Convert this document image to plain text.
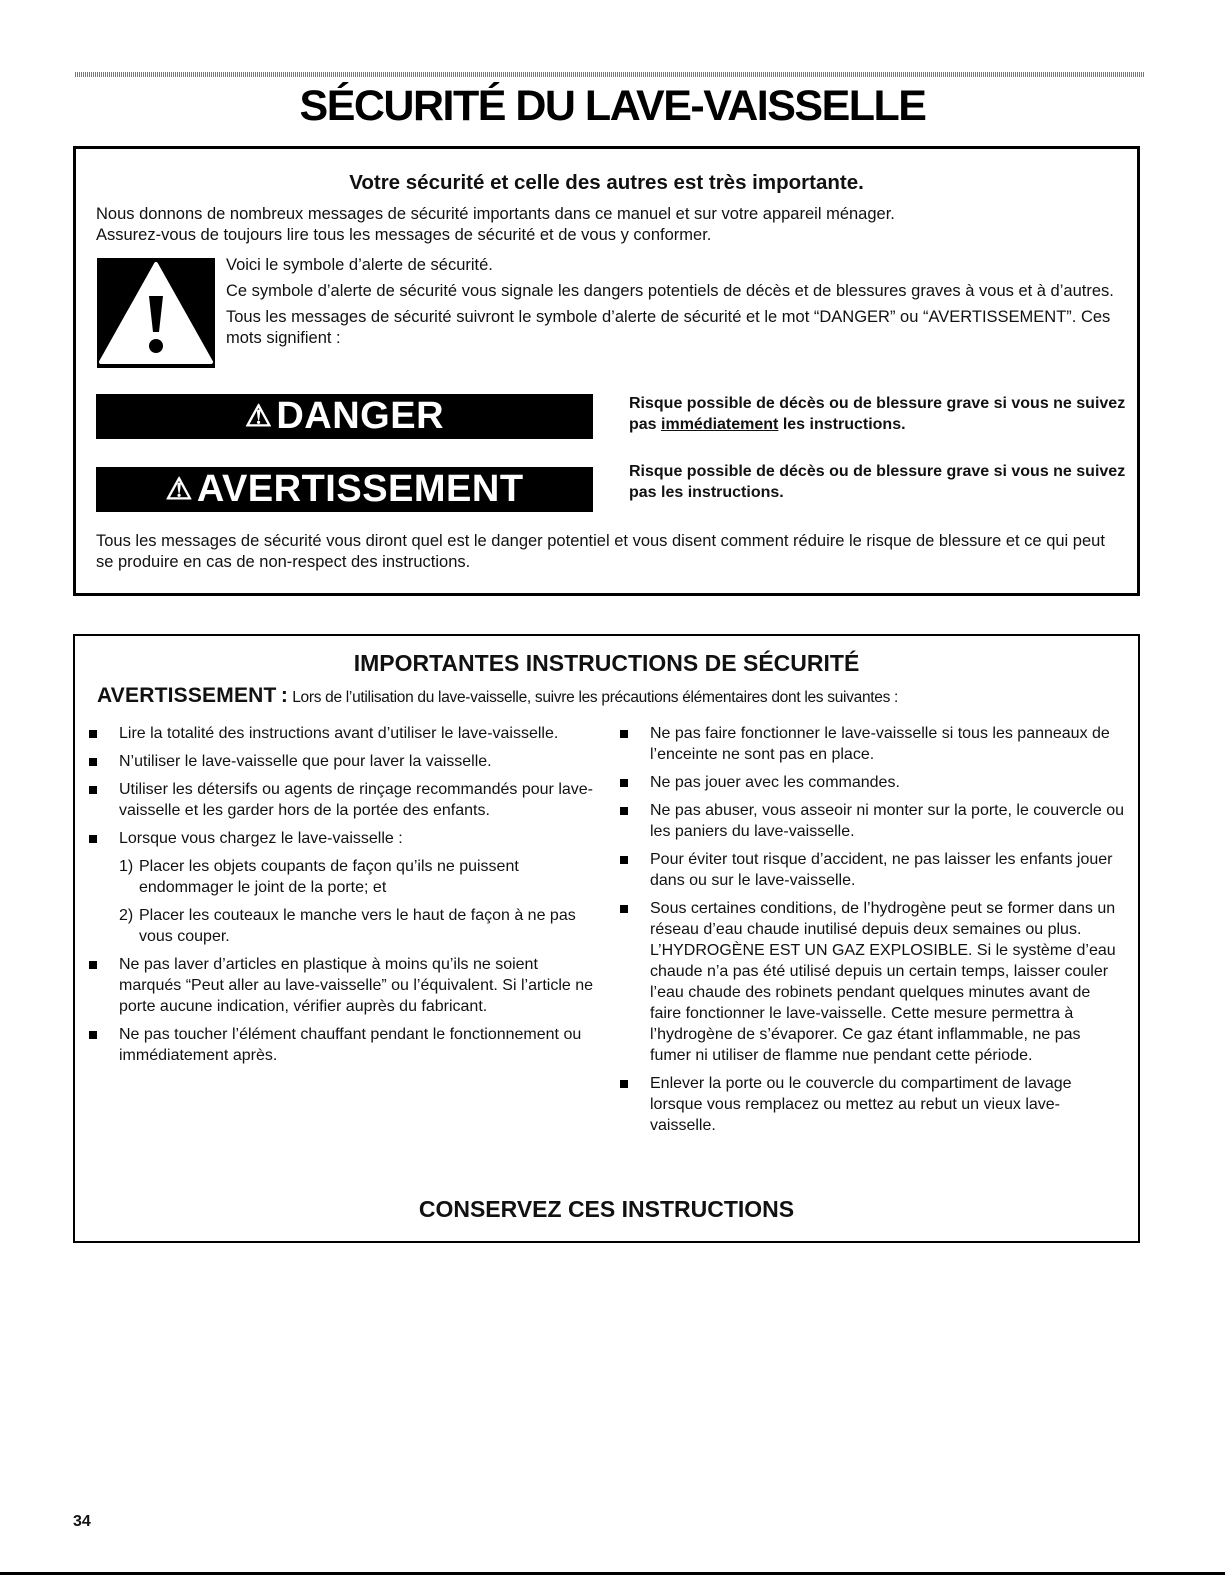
SÉCURITÉ DU LAVE-VAISSELLE
Votre sécurité et celle des autres est très importante.
Nous donnons de nombreux messages de sécurité importants dans ce manuel et sur votre appareil ménager.
Assurez-vous de toujours lire tous les messages de sécurité et de vous y conformer.

Voici le symbole d’alerte de sécurité.

Ce symbole d’alerte de sécurité vous signale les dangers potentiels de décès et de blessures graves à vous et à d’autres.

Tous les messages de sécurité suivront le symbole d’alerte de sécurité et le mot “DANGER” ou “AVERTISSEMENT”. Ces mots signifient :

⚠ DANGER	Risque possible de décès ou de blessure grave si vous ne suivez pas immédiatement les instructions.
⚠ AVERTISSEMENT	Risque possible de décès ou de blessure grave si vous ne suivez pas les instructions.
Tous les messages de sécurité vous diront quel est le danger potentiel et vous disent comment réduire le risque de blessure et ce qui peut se produire en cas de non-respect des instructions.
IMPORTANTES INSTRUCTIONS DE SÉCURITÉ
AVERTISSEMENT : Lors de l’utilisation du lave-vaisselle, suivre les précautions élémentaires dont les suivantes :
Lire la totalité des instructions avant d’utiliser le lave-vaisselle.
N’utiliser le lave-vaisselle que pour laver la vaisselle.
Utiliser les détersifs ou agents de rinçage recommandés pour lave-vaisselle et les garder hors de la portée des enfants.
Lorsque vous chargez le lave-vaisselle :
1) Placer les objets coupants de façon qu’ils ne puissent endommager le joint de la porte; et
2) Placer les couteaux le manche vers le haut de façon à ne pas vous couper.
Ne pas laver d’articles en plastique à moins qu’ils ne soient marqués “Peut aller au lave-vaisselle” ou l’équivalent. Si l’article ne porte aucune indication, vérifier auprès du fabricant.
Ne pas toucher l’élément chauffant pendant le fonctionnement ou immédiatement après.
Ne pas faire fonctionner le lave-vaisselle si tous les panneaux de l’enceinte ne sont pas en place.
Ne pas jouer avec les commandes.
Ne pas abuser, vous asseoir ni monter sur la porte, le couvercle ou les paniers du lave-vaisselle.
Pour éviter tout risque d’accident, ne pas laisser les enfants jouer dans ou sur le lave-vaisselle.
Sous certaines conditions, de l’hydrogène peut se former dans un réseau d’eau chaude inutilisé depuis deux semaines ou plus. L’HYDROGÈNE EST UN GAZ EXPLOSIBLE. Si le système d’eau chaude n’a pas été utilisé depuis un certain temps, laisser couler l’eau chaude des robinets pendant quelques minutes avant de faire fonctionner le lave-vaisselle. Cette mesure permettra à l’hydrogène de s’évaporer. Ce gaz étant inflammable, ne pas fumer ni utiliser de flamme nue pendant cette période.
Enlever la porte ou le couvercle du compartiment de lavage lorsque vous remplacez ou mettez au rebut un vieux lave-vaisselle.
CONSERVEZ CES INSTRUCTIONS
34
